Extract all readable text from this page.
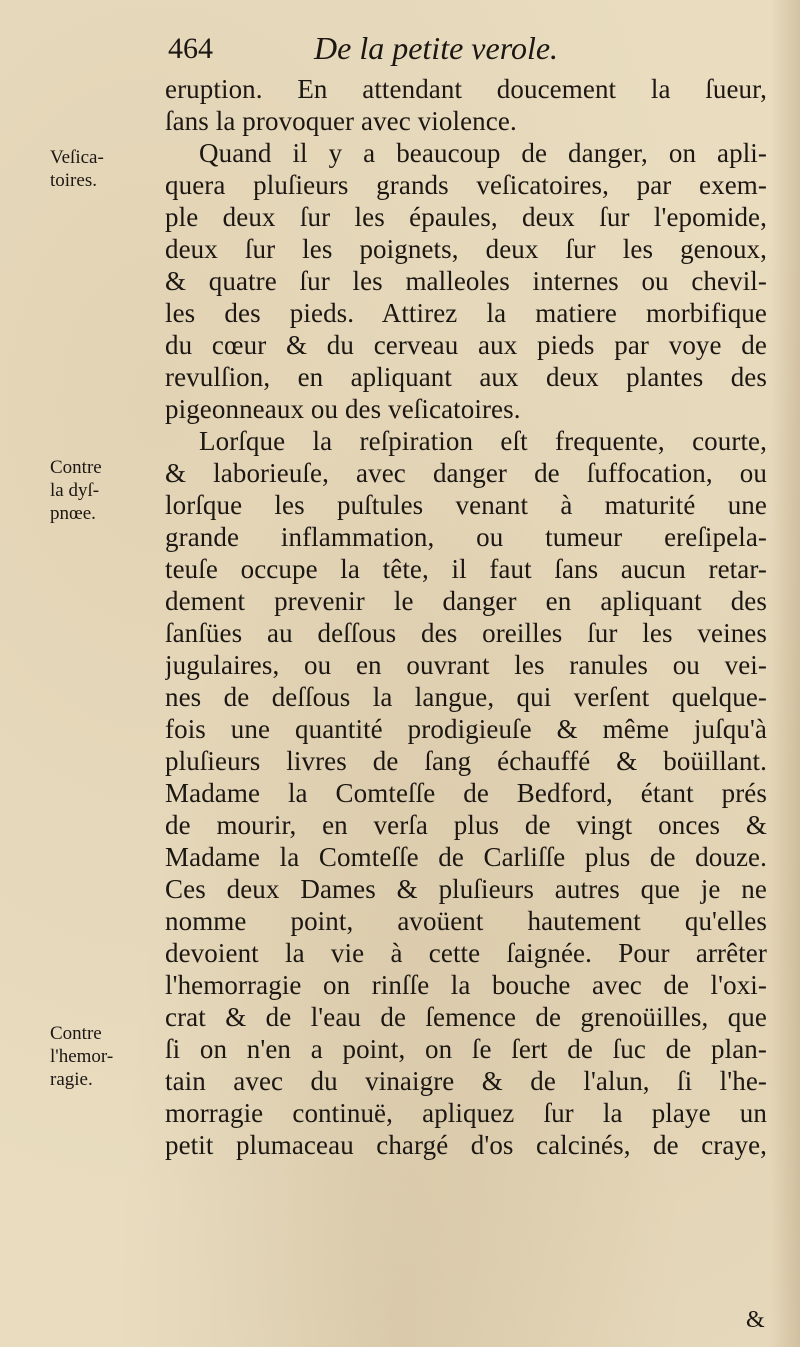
464	De la petite verole.
Veſica-
toires.
Contre
la dyſ-
pnœe.
Contre
l'hemor-
ragie.
eruption. En attendant doucement la ſueur,
ſans la provoquer avec violence.
Quand il y a beaucoup de danger, on apli-
quera pluſieurs grands veſicatoires, par exem-
ple deux ſur les épaules, deux ſur l'epomide,
deux ſur les poignets, deux ſur les genoux,
& quatre ſur les malleoles internes ou chevil-
les des pieds. Attirez la matiere morbifique
du cœur & du cerveau aux pieds par voye de
revulſion, en apliquant aux deux plantes des
pigeonneaux ou des veſicatoires.
Lorſque la reſpiration eſt frequente, courte,
& laborieuſe, avec danger de ſuffocation, ou
lorſque les puſtules venant à maturité une
grande inflammation, ou tumeur ereſipela-
teuſe occupe la tête, il faut ſans aucun retar-
dement prevenir le danger en apliquant des
ſanſües au deſſous des oreilles ſur les veines
jugulaires, ou en ouvrant les ranules ou vei-
nes de deſſous la langue, qui verſent quelque-
fois une quantité prodigieuſe & même juſqu'à
pluſieurs livres de ſang échauffé & boüillant.
Madame la Comteſſe de Bedford, étant prés
de mourir, en verſa plus de vingt onces &
Madame la Comteſſe de Carliſſe plus de douze.
Ces deux Dames & pluſieurs autres que je ne
nomme point, avoüent hautement qu'elles
devoient la vie à cette ſaignée. Pour arrêter
l'hemorragie on rinſſe la bouche avec de l'oxi-
crat & de l'eau de ſemence de grenoüilles, que
ſi on n'en a point, on ſe ſert de ſuc de plan-
tain avec du vinaigre & de l'alun, ſi l'he-
morragie continuë, apliquez ſur la playe un
petit plumaceau chargé d'os calcinés, de craye,
&
